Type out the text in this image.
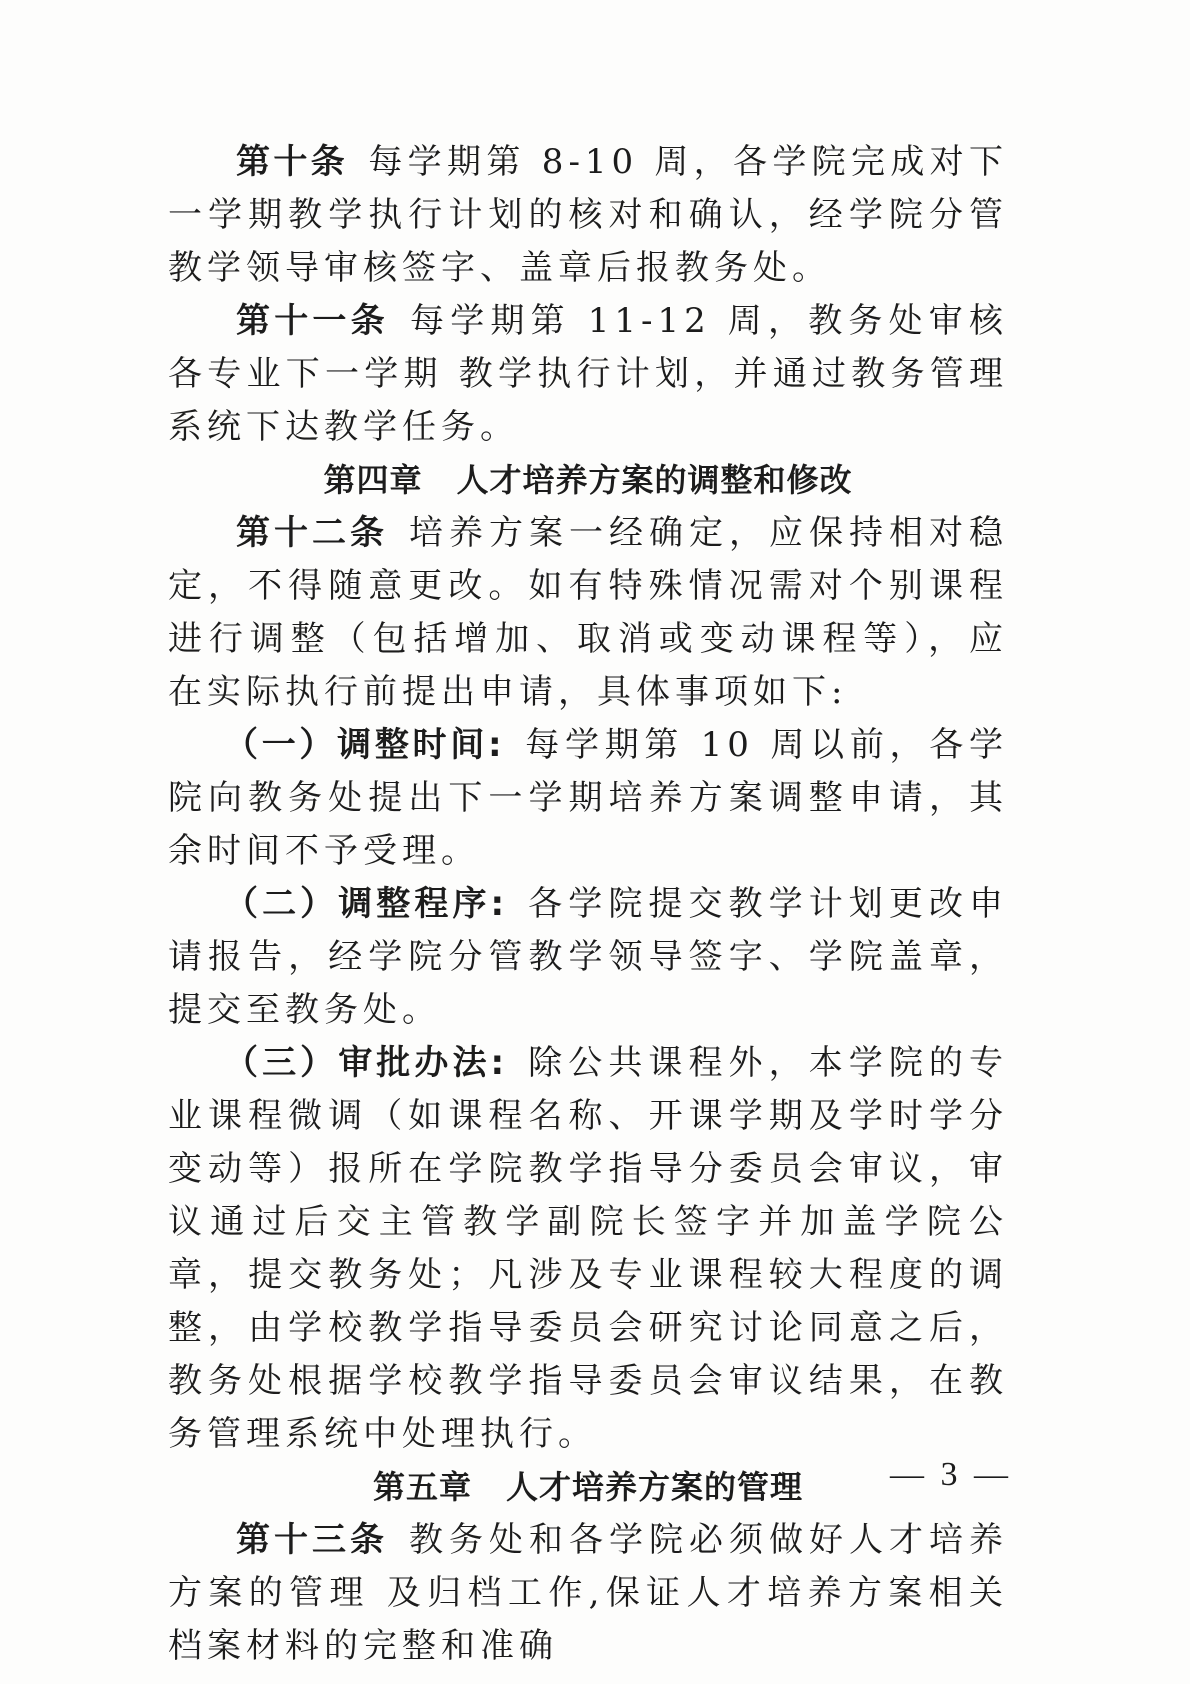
第十条 每学期第 8-10 周，各学院完成对下一学期教学执行计划的核对和确认，经学院分管教学领导审核签字、盖章后报教务处。

第十一条 每学期第 11-12 周，教务处审核各专业下一学期 教学执行计划，并通过教务管理系统下达教学任务。

第四章 人才培养方案的调整和修改

第十二条 培养方案一经确定，应保持相对稳定，不得随意更改。如有特殊情况需对个别课程进行调整（包括增加、取消或变动课程等），应在实际执行前提出申请，具体事项如下:

（一）调整时间: 每学期第 10 周以前，各学院向教务处提出下一学期培养方案调整申请，其余时间不予受理。

（二）调整程序: 各学院提交教学计划更改申请报告，经学院分管教学领导签字、学院盖章，提交至教务处。

（三）审批办法: 除公共课程外，本学院的专业课程微调（如课程名称、开课学期及学时学分变动等）报所在学院教学指导分委员会审议，审议通过后交主管教学副院长签字并加盖学院公章，提交教务处；凡涉及专业课程较大程度的调整，由学校教学指导委员会研究讨论同意之后，教务处根据学校教学指导委员会审议结果，在教务管理系统中处理执行。

第五章 人才培养方案的管理

第十三条 教务处和各学院必须做好人才培养方案的管理 及归档工作,保证人才培养方案相关档案材料的完整和准确

— 3 —
